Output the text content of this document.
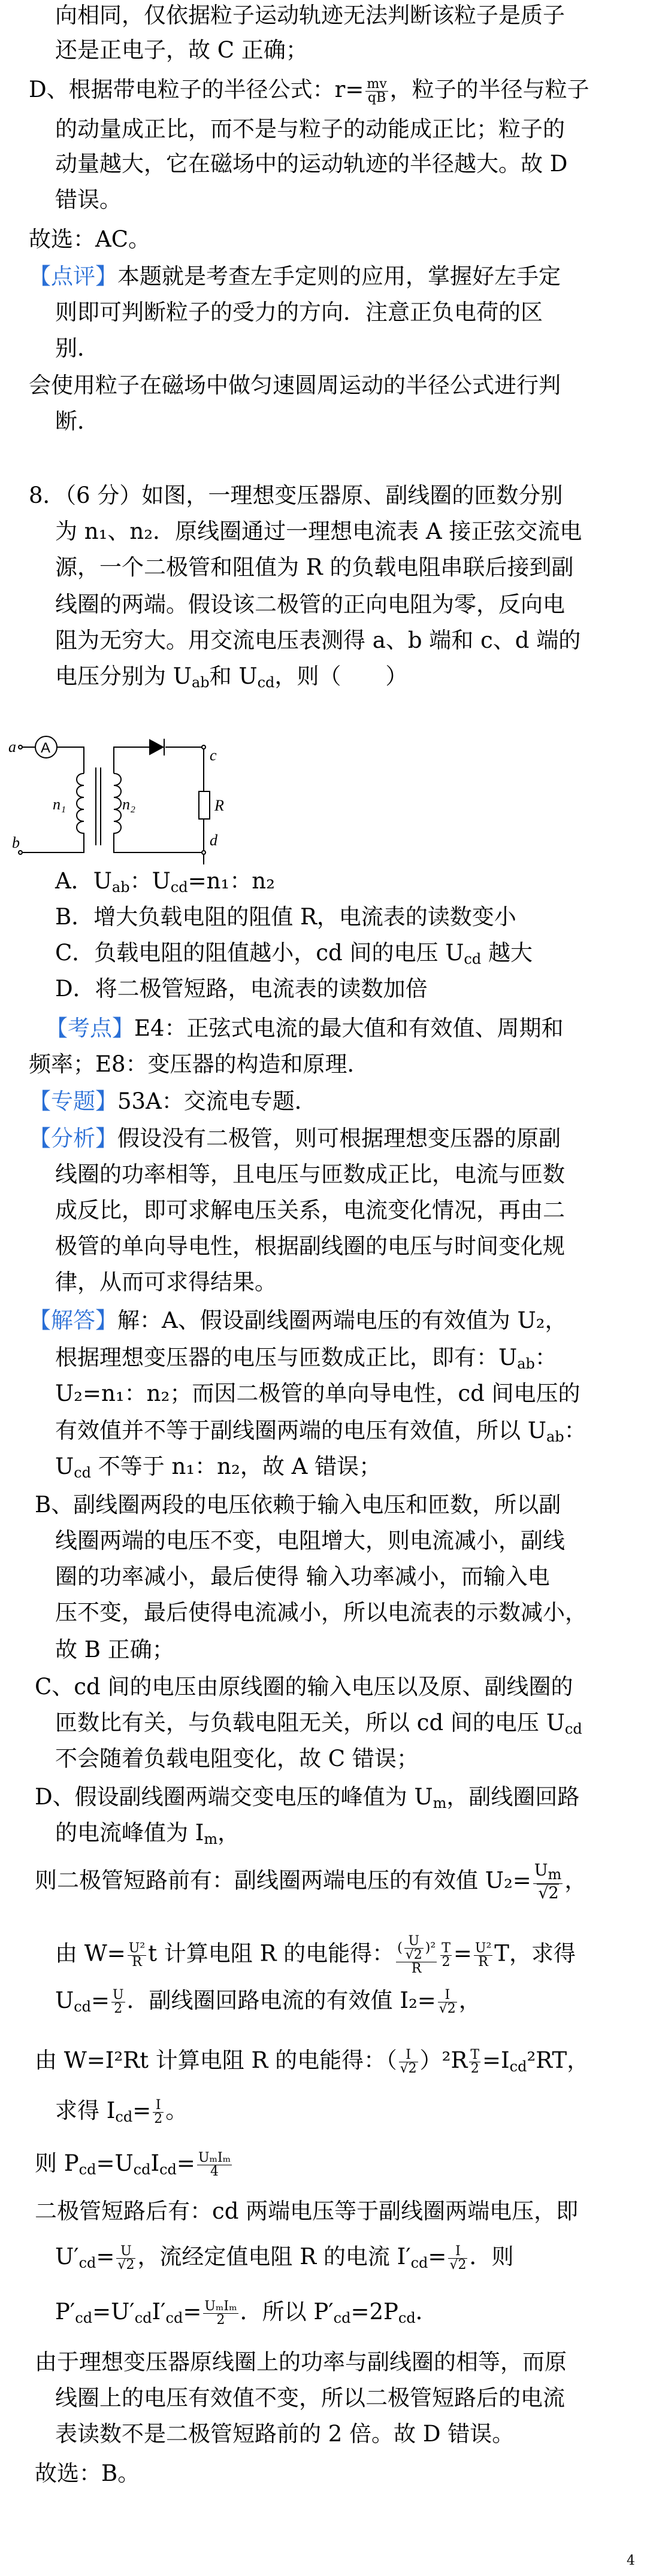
向相同，仅依据粒子运动轨迹无法判断该粒子是质子
还是正电子，故 C 正确；
D、根据带电粒子的半径公式：$r= \frac{mv}{qB}$ ，粒子的半径与粒子
的动量成正比，而不是与粒子的动能成正比；粒子的
动量越大，它在磁场中的运动轨迹的半径越大。故 D
错误。
故选：AC。
【点评】本题就是考查左手定则的应用，掌握好左手定
则即可判断粒子的受力的方向．注意正负电荷的区
别．
会使用粒子在磁场中做匀速圆周运动的半径公式进行判
断．
8．（6 分）如图，一理想变压器原、副线圈的匝数分别
为 n₁、n₂．原线圈通过一理想电流表 A 接正弦交流电
源，一个二极管和阻值为 R 的负载电阻串联后接到副
线圈的两端。假设该二极管的正向电阻为零，反向电
阻为无穷大。用交流电压表测得 a、b 端和 c、d 端的
电压分别为 $U_{ab}$和 $U_{cd}$，则（　　）
a
b
c
d
n₁	n₂	R
A
A．$U_{ab}$：$U_{cd}=n_1$：n₂
B．增大负载电阻的阻值 R，电流表的读数变小
C．负载电阻的阻值越小，cd 间的电压 $U_{cd}$ 越大
D．将二极管短路，电流表的读数加倍
【考点】E4：正弦式电流的最大值和有效值、周期和
频率；E8：变压器的构造和原理．
【专题】53A：交流电专题．
【分析】假设没有二极管，则可根据理想变压器的原副
线圈的功率相等，且电压与匝数成正比，电流与匝数
成反比，即可求解电压关系，电流变化情况，再由二
极管的单向导电性，根据副线圈的电压与时间变化规
律，从而可求得结果。
【解答】解：A、假设副线圈两端电压的有效值为 U₂，
根据理想变压器的电压与匝数成正比，即有：$U_{ab}$：
U₂=n₁：n₂；而因二极管的单向导电性，cd 间电压的
有效值并不等于副线圈两端的电压有效值，所以 $U_{ab}$：
$U_{cd}$ 不等于 n₁：n₂，故 A 错误；
B、副线圈两段的电压依赖于输入电压和匝数，所以副
线圈两端的电压不变，电阻增大，则电流减小，副线
圈的功率减小，最后使得 输入功率减小，而输入电
压不变，最后使得电流减小，所以电流表的示数减小，
故 B 正确；
C、cd 间的电压由原线圈的输入电压以及原、副线圈的
匝数比有关，与负载电阻无关，所以 cd 间的电压 $U_{cd}$
不会随着负载电阻变化，故 C 错误；
D、假设副线圈两端交变电压的峰值为 $U_m$，副线圈回路
的电流峰值为 $I_m$，
则二极管短路前有：副线圈两端电压的有效值 $U_2= \frac{Um}{√2}$ ，
由 $W= \frac{\text{U²}}{R}$ t 计算电阻 R 的电能得： $\frac{( \frac{U}{√2} )^2}{R} \frac{T}{2} = \frac{\text{U²}}{R}$ T，求得
$U_{cd}= \frac{U}{2}$ ．副线圈回路电流的有效值 $I_2= \frac{I}{√2}$ ，
由 W=I²Rt 计算电阻 R 的电能得：（ $\frac{I}{√2} )^2R \frac{T}{2} =I_{cd}^2RT$，
求得 $I_{cd}= \frac{I}{2}$ 。
则 $P_{cd}=U_{cd}I_{cd}= \frac{\text{UₘIₘ}}{4}$
二极管短路后有：cd 两端电压等于副线圈两端电压，即
$U'_{cd}= \frac{U}{√2}$ ，流经定值电阻 R 的电流 $I'_{cd}= \frac{I}{√2}$ ．则
$P'_{cd}=U'_{cd}I'_{cd}= \frac{\text{UₘIₘ}}{2}$ ．所以 $P'_{cd}=2P_{cd}$．
由于理想变压器原线圈上的功率与副线圈的相等，而原
线圈上的电压有效值不变，所以二极管短路后的电流
表读数不是二极管短路前的 2 倍。故 D 错误。
故选：B。
4
